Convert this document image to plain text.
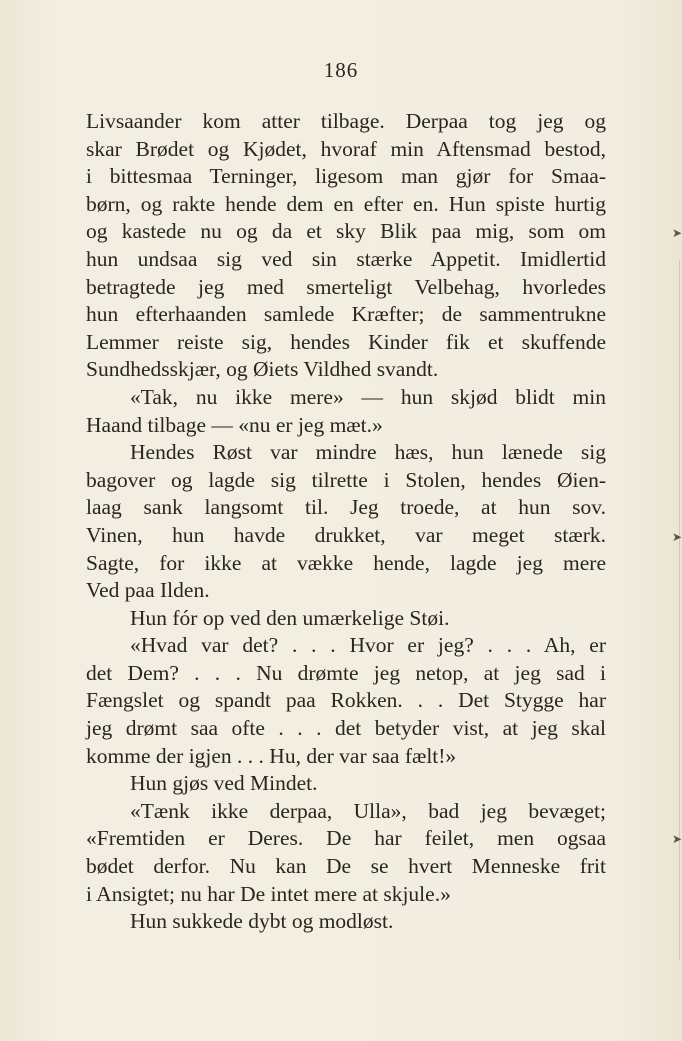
186
Livsaander kom atter tilbage. Derpaa tog jeg og
skar Brødet og Kjødet, hvoraf min Aftensmad bestod,
i bittesmaa Terninger, ligesom man gjør for Smaa-
børn, og rakte hende dem en efter en. Hun spiste hurtig
og kastede nu og da et sky Blik paa mig, som om
hun undsaa sig ved sin stærke Appetit. Imidlertid
betragtede jeg med smerteligt Velbehag, hvorledes
hun efterhaanden samlede Kræfter; de sammentrukne
Lemmer reiste sig, hendes Kinder fik et skuffende
Sundhedsskjær, og Øiets Vildhed svandt.
«Tak, nu ikke mere» — hun skjød blidt min
Haand tilbage — «nu er jeg mæt.»
Hendes Røst var mindre hæs, hun lænede sig
bagover og lagde sig tilrette i Stolen, hendes Øien-
laag sank langsomt til. Jeg troede, at hun sov.
Vinen, hun havde drukket, var meget stærk.
Sagte, for ikke at vække hende, lagde jeg mere
Ved paa Ilden.
Hun fór op ved den umærkelige Støi.
«Hvad var det? . . . Hvor er jeg? . . . Ah, er
det Dem? . . . Nu drømte jeg netop, at jeg sad i
Fængslet og spandt paa Rokken. . . Det Stygge har
jeg drømt saa ofte . . . det betyder vist, at jeg skal
komme der igjen . . . Hu, der var saa fælt!»
Hun gjøs ved Mindet.
«Tænk ikke derpaa, Ulla», bad jeg bevæget;
«Fremtiden er Deres. De har feilet, men ogsaa
bødet derfor. Nu kan De se hvert Menneske frit
i Ansigtet; nu har De intet mere at skjule.»
Hun sukkede dybt og modløst.
➤
➤
➤
